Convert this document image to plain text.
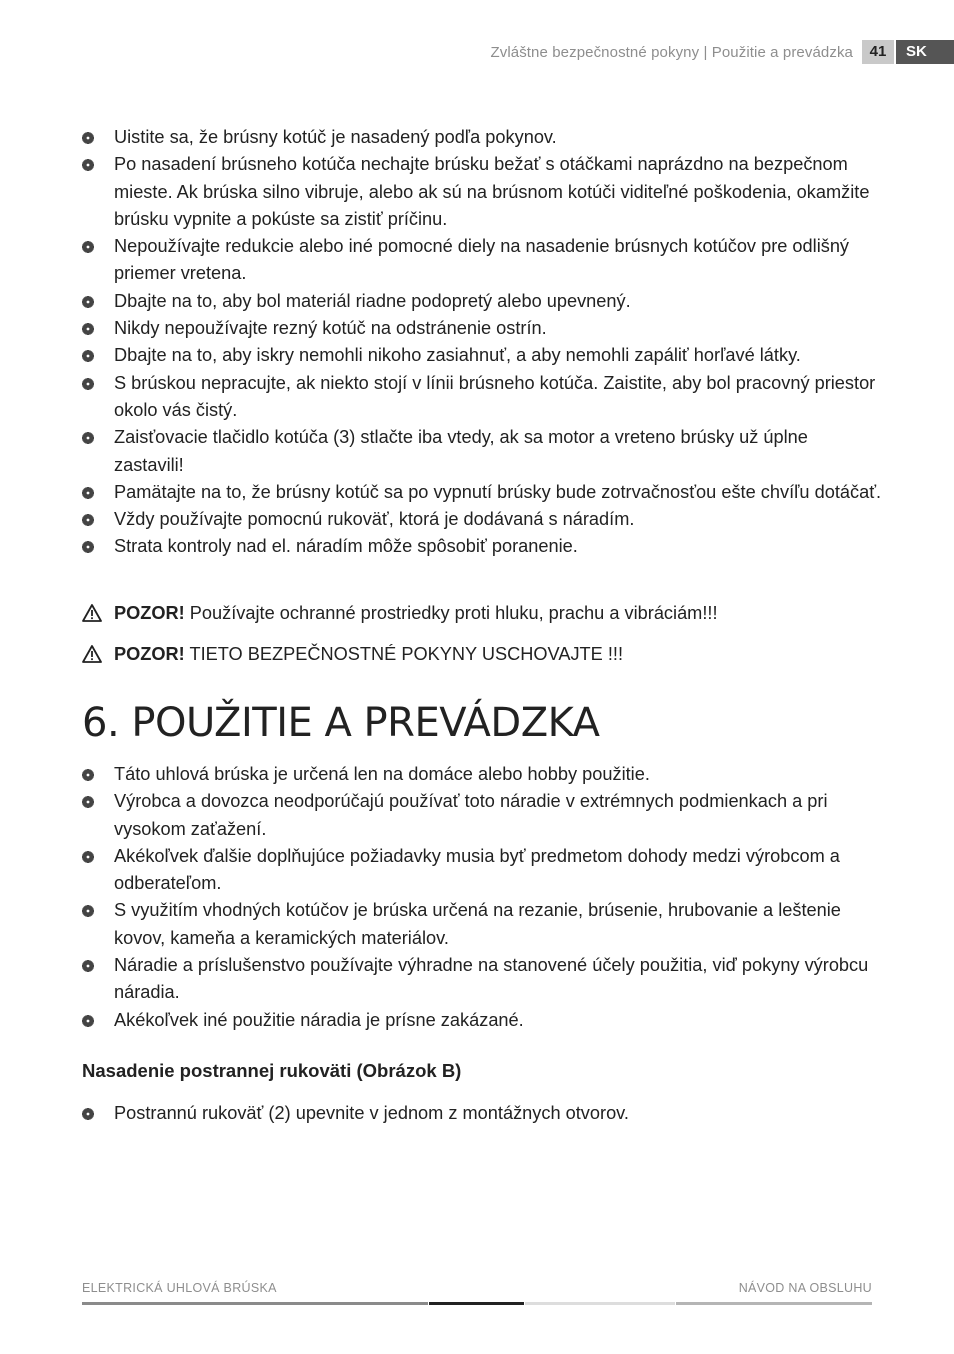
Zvláštne bezpečnostné pokyny | Použitie a prevádzka	41	SK
Uistite sa, že brúsny kotúč je nasadený podľa pokynov.
Po nasadení brúsneho kotúča nechajte brúsku bežať s otáčkami naprázdno na bezpečnom mieste. Ak brúska silno vibruje, alebo ak sú na brúsnom kotúči viditeľné poškodenia, okamžite brúsku vypnite a pokúste sa zistiť príčinu.
Nepoužívajte redukcie alebo iné pomocné diely na nasadenie brúsnych kotúčov pre odlišný priemer vretena.
Dbajte na to, aby bol materiál riadne podopretý alebo upevnený.
Nikdy nepoužívajte rezný kotúč na odstránenie ostrín.
Dbajte na to, aby iskry nemohli nikoho zasiahnuť, a aby nemohli zapáliť horľavé látky.
S brúskou nepracujte, ak niekto stojí v línii brúsneho kotúča. Zaistite, aby bol pracovný priestor okolo vás čistý.
Zaisťovacie tlačidlo kotúča (3) stlačte iba vtedy, ak sa motor a vreteno brúsky už úplne zastavili!
Pamätajte na to, že brúsny kotúč sa po vypnutí brúsky bude zotrvačnosťou ešte chvíľu dotáčať.
Vždy používajte pomocnú rukoväť, ktorá je dodávaná s náradím.
Strata kontroly nad el. náradím môže spôsobiť poranenie.
POZOR! Používajte ochranné prostriedky proti hluku, prachu a vibráciám!!!
POZOR! TIETO BEZPEČNOSTNÉ POKYNY USCHOVAJTE !!!
6. POUŽITIE A PREVÁDZKA
Táto uhlová brúska je určená len na domáce alebo hobby použitie.
Výrobca a dovozca neodporúčajú používať toto náradie v extrémnych podmienkach a pri vysokom zaťažení.
Akékoľvek ďalšie doplňujúce požiadavky musia byť predmetom dohody medzi výrobcom a odberateľom.
S využitím vhodných kotúčov je brúska určená na rezanie, brúsenie, hrubovanie a leštenie kovov, kameňa a keramických materiálov.
Náradie a príslušenstvo používajte výhradne na stanovené účely použitia, viď pokyny výrobcu náradia.
Akékoľvek iné použitie náradia je prísne zakázané.
Nasadenie postrannej rukoväti (Obrázok B)
Postrannú rukoväť (2) upevnite v jednom z montážnych otvorov.
ELEKTRICKÁ UHLOVÁ BRÚSKA	NÁVOD NA OBSLUHU
